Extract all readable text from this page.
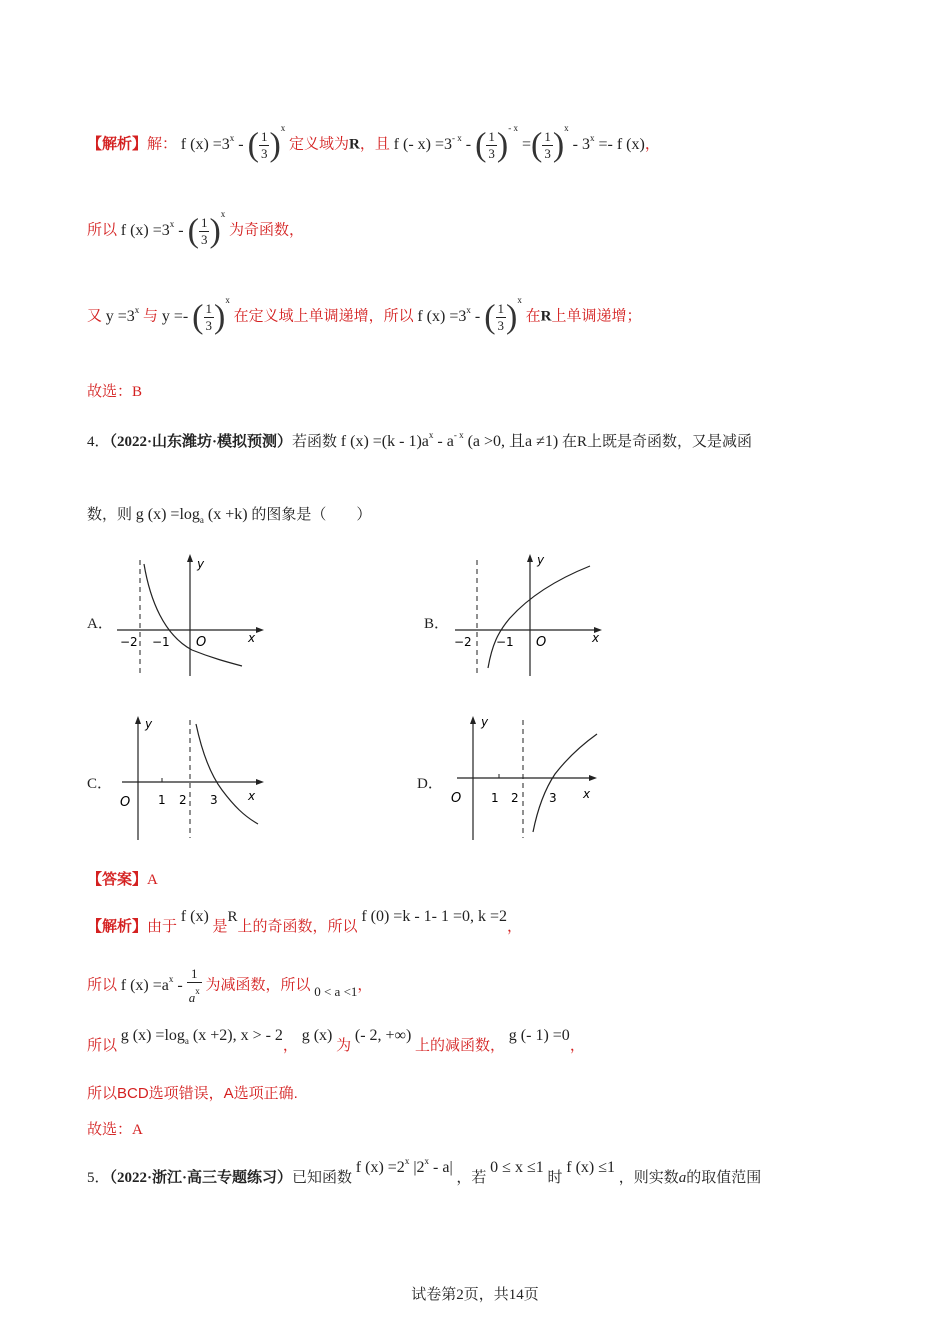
【解析】解： f $(x) =3^x$ - ( $\frac{1}{3} )^x$ 定义域为R，且 f (- $x) =3^{- x}$ - ( $\frac{1}{3} )^{- x}$ =( $\frac{1}{3} )^x - 3^x =- f$ (x)，
所以 f $(x) =3^x$ - ( $\frac{1}{3} )^x$ 为奇函数，
又 $y =3^x$ 与 y =- ( $\frac{1}{3} )^x$ 在定义域上单调递增，所以 f $(x) =3^x$ - ( $\frac{1}{3} )^x$ 在R上单调递增；
故选：B
4．（2022·山东潍坊·模拟预测）若函数 f $(x) =(k - 1)a^x - a^{- x}$ (a >0, 且a ≠1) 在R上既是奇函数，又是减函
数，则 g $(x) =\log_a$ (x +k) 的图象是（　　）
A．	B．
C．	D．
y
x
O
−2 −1
y
x
O
−2 −1
y
x
O 1 2 3
y
x
O 1 2	3
【答案】A
【解析】由于 f (x) 是R上的奇函数，所以 f (0) =k - 1- 1 =0, k =2，
所以 f $(x) =a^x - \frac{1}{a^x}$ 为减函数，所以 0 < a <1，
所以 g $(x) =\log_a$ (x +2), x > - 2， g (x) 为 (- 2, +∞) 上的减函数， g (- 1) =0，
所以BCD选项错误，A选项正确.
故选：A
5．（2022·浙江·高三专题练习）已知函数 f $(x) =2^x$ |2$^x$ - a| ，若 0 ≤ x ≤1 时 f (x) ≤1 ，则实数a的取值范围
试卷第2页，共14页
